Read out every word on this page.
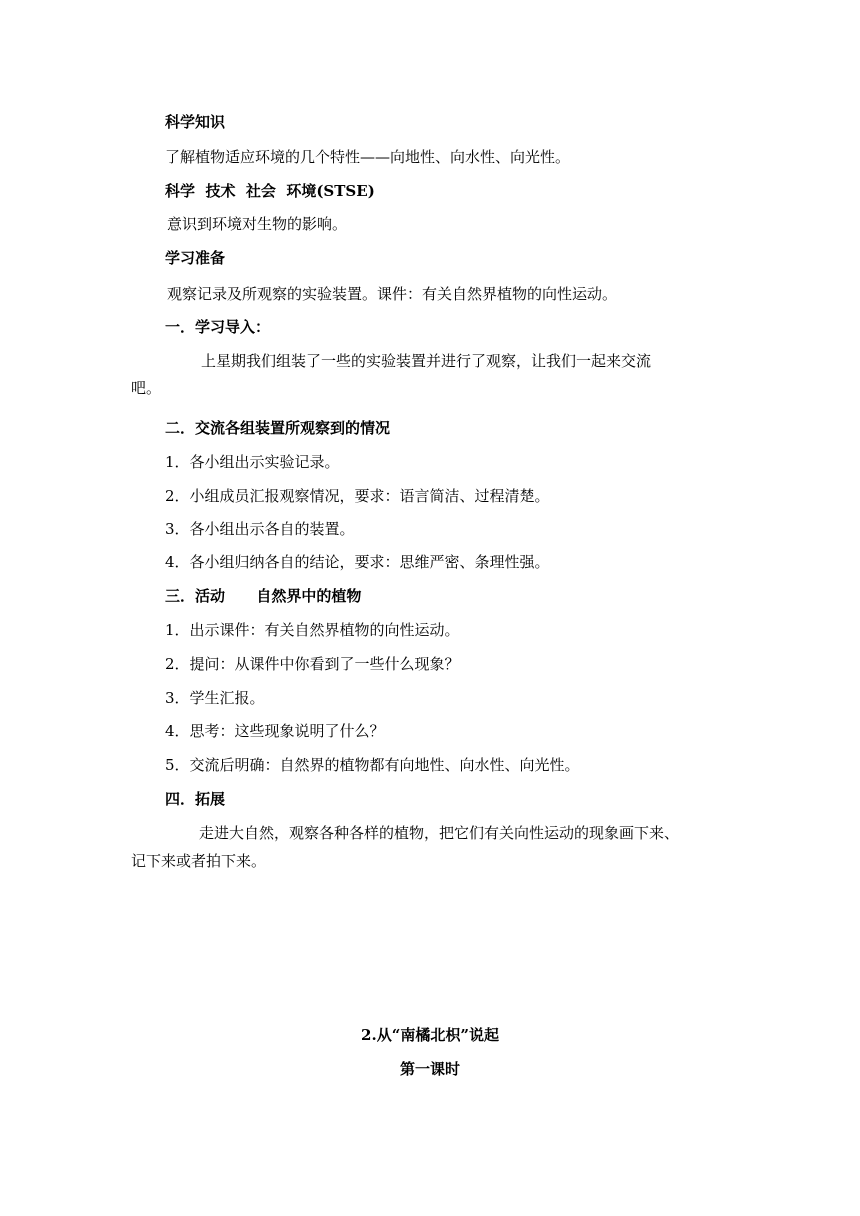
科学知识
了解植物适应环境的几个特性——向地性、向水性、向光性。
科学  技术  社会  环境(STSE)
意识到环境对生物的影响。
学习准备
观察记录及所观察的实验装置。课件：有关自然界植物的向性运动。
一．学习导入：
上星期我们组装了一些的实验装置并进行了观察，让我们一起来交流
吧。
二．交流各组装置所观察到的情况
1．各小组出示实验记录。
2．小组成员汇报观察情况，要求：语言简洁、过程清楚。
3．各小组出示各自的装置。
4．各小组归纳各自的结论，要求：思维严密、条理性强。
三．活动      自然界中的植物
1．出示课件：有关自然界植物的向性运动。
2．提问：从课件中你看到了一些什么现象？
3．学生汇报。
4．思考：这些现象说明了什么？
5．交流后明确：自然界的植物都有向地性、向水性、向光性。
四．拓展
走进大自然，观察各种各样的植物，把它们有关向性运动的现象画下来、
记下来或者拍下来。
2.从“南橘北枳”说起
第一课时
